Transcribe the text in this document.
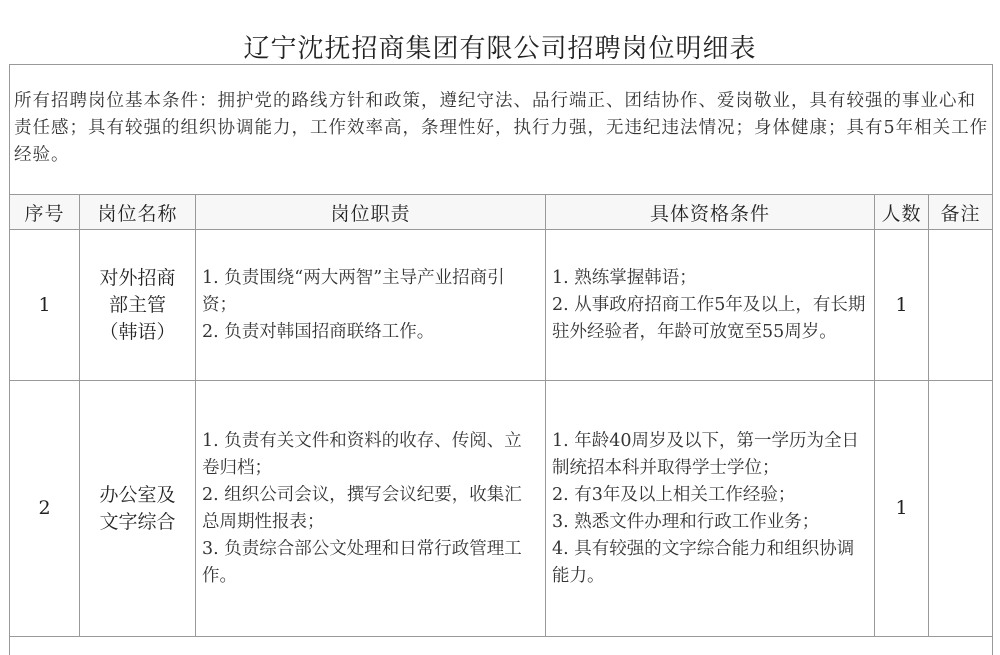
辽宁沈抚招商集团有限公司招聘岗位明细表
所有招聘岗位基本条件：拥护党的路线方针和政策，遵纪守法、品行端正、团结协作、爱岗敬业，具有较强的事业心和责任感；具有较强的组织协调能力，工作效率高，条理性好，执行力强，无违纪违法情况；身体健康；具有5年相关工作经验。
序号	岗位名称	岗位职责	具体资格条件	人数	备注
1	对外招商
部主管
（韩语）	1. 负责围绕“两大两智”主导产业招商引资；
2. 负责对韩国招商联络工作。	1. 熟练掌握韩语；
2. 从事政府招商工作5年及以上，有长期驻外经验者，年龄可放宽至55周岁。	1	
2	办公室及
文字综合	1. 负责有关文件和资料的收存、传阅、立卷归档；
2. 组织公司会议，撰写会议纪要，收集汇总周期性报表；
3. 负责综合部公文处理和日常行政管理工作。	1. 年龄40周岁及以下，第一学历为全日制统招本科并取得学士学位；
2. 有3年及以上相关工作经验；
3. 熟悉文件办理和行政工作业务；
4. 具有较强的文字综合能力和组织协调能力。	1	
